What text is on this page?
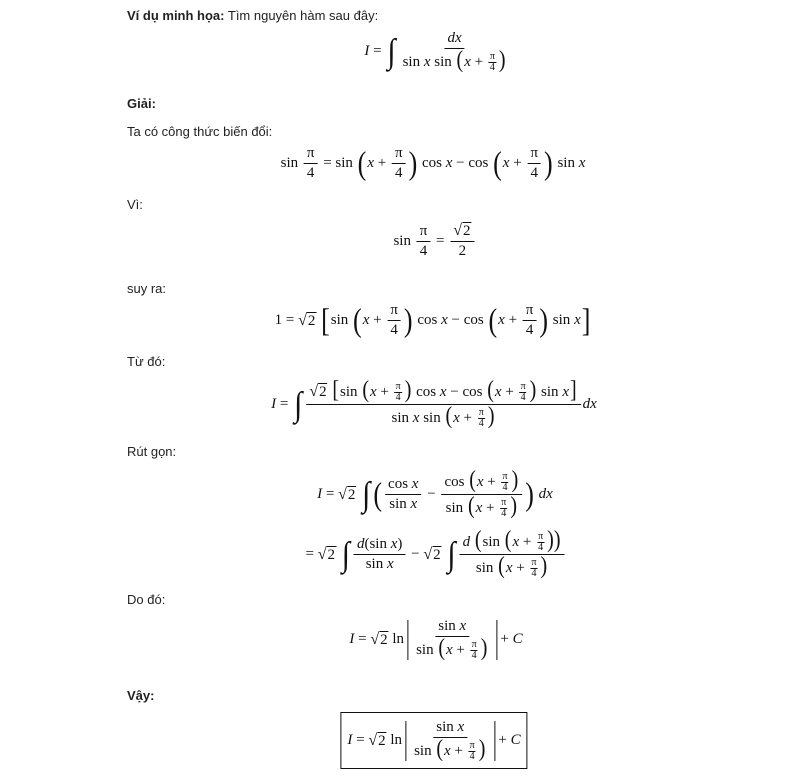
Ví dụ minh họa: Tìm nguyên hàm sau đây:
Giải:
Ta có công thức biến đổi:
Vì:
suy ra:
Từ đó:
Rút gọn:
Do đó:
Vậy:
I = ∫	dx
sin x $\sin (x + \frac{\pi}{4}$ )
sin
π
4
= sin ( x +
π
4 ) cos x − cos ( x +
π
4 ) sin x
sin
π
4
=
√ 2
2
1 = √ 2
[ sin ( x +
π
4 ) cos x − cos ( x +
π
4 ) sin x ]
I = ∫ √ 2 [sin ($x + \frac{\pi}{4}$ ) $\cos x - \cos (x + \frac{\pi}{4}$ ) sin x]
sin x $\sin (x + \frac{\pi}{4}$ )	dx
I = √ 2
∫ ( cos x
sin x
−
$\cos (x + \frac{\pi}{4}$ )
$\sin (x + \frac{\pi}{4}$ ) )
dx
= √ 2
∫ d(sin x)
sin x
− √ 2
∫ d (sin ($x + \frac{\pi}{4}$ ))
$\sin (x + \frac{\pi}{4}$ )
I = √ 2 ln
sin x
$\sin (x + \frac{\pi}{4}$ ) + C
I = √ 2 ln
sin x
$\sin (x + \frac{\pi}{4}$ ) + C
